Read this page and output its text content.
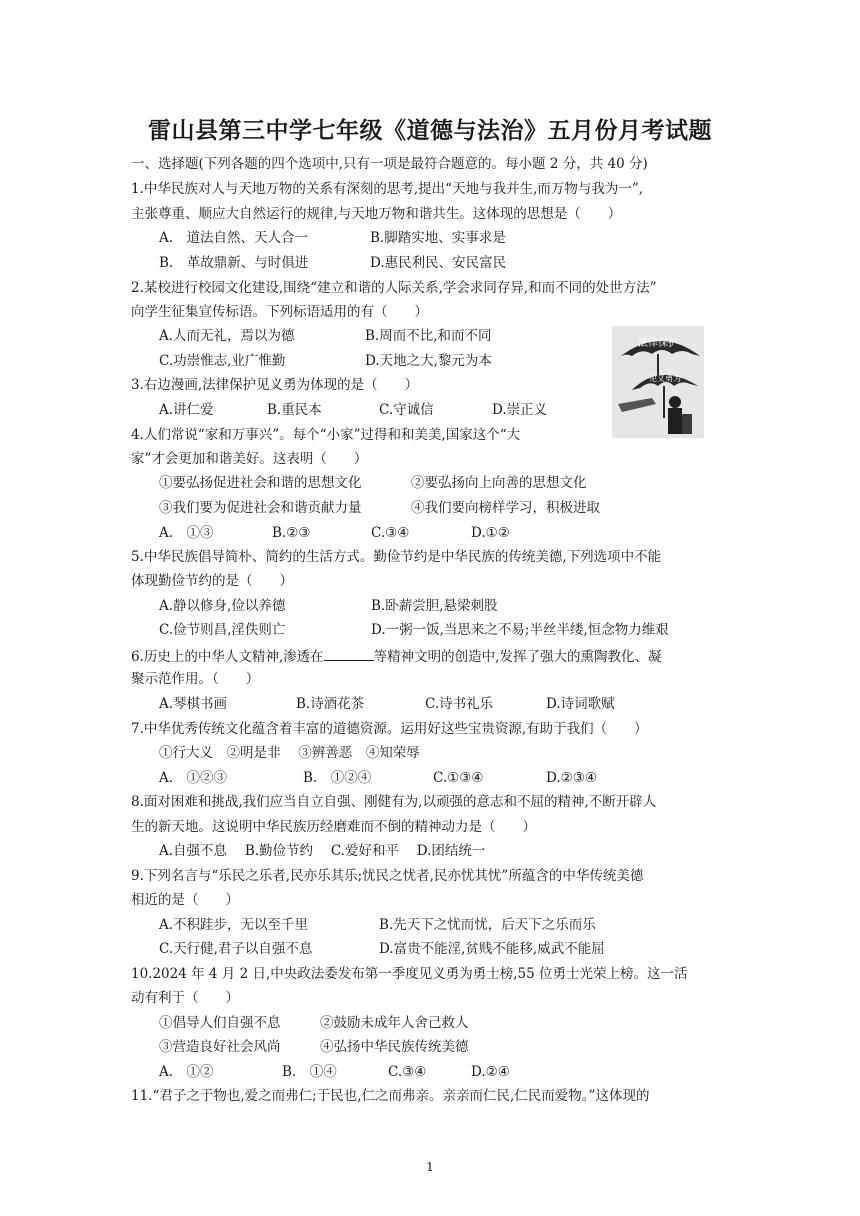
雷山县第三中学七年级《道德与法治》五月份月考试题
一、选择题(下列各题的四个选项中,只有一项是最符合题意的。每小题 2 分，共 40 分)
1.中华民族对人与天地万物的关系有深刻的思考,提出“天地与我并生,而万物与我为一”,
主张尊重、顺应大自然运行的规律,与天地万物和谐共生。这体现的思想是（　　）
A.　道法自然、天人合一	B.脚踏实地、实事求是
B.　革故鼎新、与时俱进	D.惠民利民、安民富民
2.某校进行校园文化建设,围绕“建立和谐的人际关系,学会求同存异,和而不同的处世方法”
向学生征集宣传标语。下列标语适用的有（　　）
A.人而无礼，焉以为德	B.周而不比,和而不同
C.功崇惟志,业广惟勤	D.天地之大,黎元为本
法律保护
见义勇为
3.右边漫画,法律保护见义勇为体现的是（　　）
A.讲仁爱	B.重民本	C.守诚信	D.崇正义
4.人们常说“家和万事兴”。每个“小家”过得和和美美,国家这个“大
家”才会更加和谐美好。这表明（　　）
①要弘扬促进社会和谐的思想文化	②要弘扬向上向善的思想文化
③我们要为促进社会和谐贡献力量	④我们要向榜样学习，积极进取
A.　①③	B.②③	C.③④	D.①②
5.中华民族倡导简朴、简约的生活方式。勤俭节约是中华民族的传统美德,下列选项中不能
体现勤俭节约的是（　　）
A.静以修身,俭以养德	B.卧薪尝胆,悬梁刺股
C.俭节则昌,淫佚则亡	D.一粥一饭,当思来之不易;半丝半缕,恒念物力维艰
6.历史上的中华人文精神,渗透在	等精神文明的创造中,发挥了强大的熏陶教化、凝
聚示范作用。（　　）
A.琴棋书画	B.诗酒花茶	C.诗书礼乐	D.诗词歌赋
7.中华优秀传统文化蕴含着丰富的道德资源。运用好这些宝贵资源,有助于我们（　　）
①行大义　②明是非　 ③辨善恶　④知荣辱
A.　①②③	B.　①②④	C.①③④	D.②③④
8.面对困难和挑战,我们应当自立自强、刚健有为,以顽强的意志和不屈的精神,不断开辟人
生的新天地。这说明中华民族历经磨难而不倒的精神动力是（　　）
A.自强不息　 B.勤俭节约　 C.爱好和平　 D.团结统一
9.下列名言与“乐民之乐者,民亦乐其乐;忧民之忧者,民亦忧其忧”所蕴含的中华传统美德
相近的是（　　）
A.不积跬步，无以至千里	B.先天下之忧而忧，后天下之乐而乐
C.天行健,君子以自强不息	D.富贵不能淫,贫贱不能移,威武不能屈
10.2024 年 4 月 2 日,中央政法委发布第一季度见义勇为勇士榜,55 位勇士光荣上榜。这一活
动有利于（　　）
①倡导人们自强不息	②鼓励未成年人舍己救人
③营造良好社会风尚	④弘扬中华民族传统美德
A.　①②	B.　①④	C.③④	D.②④
11.“君子之于物也,爱之而弗仁;于民也,仁之而弗亲。亲亲而仁民,仁民而爱物。”这体现的
1
